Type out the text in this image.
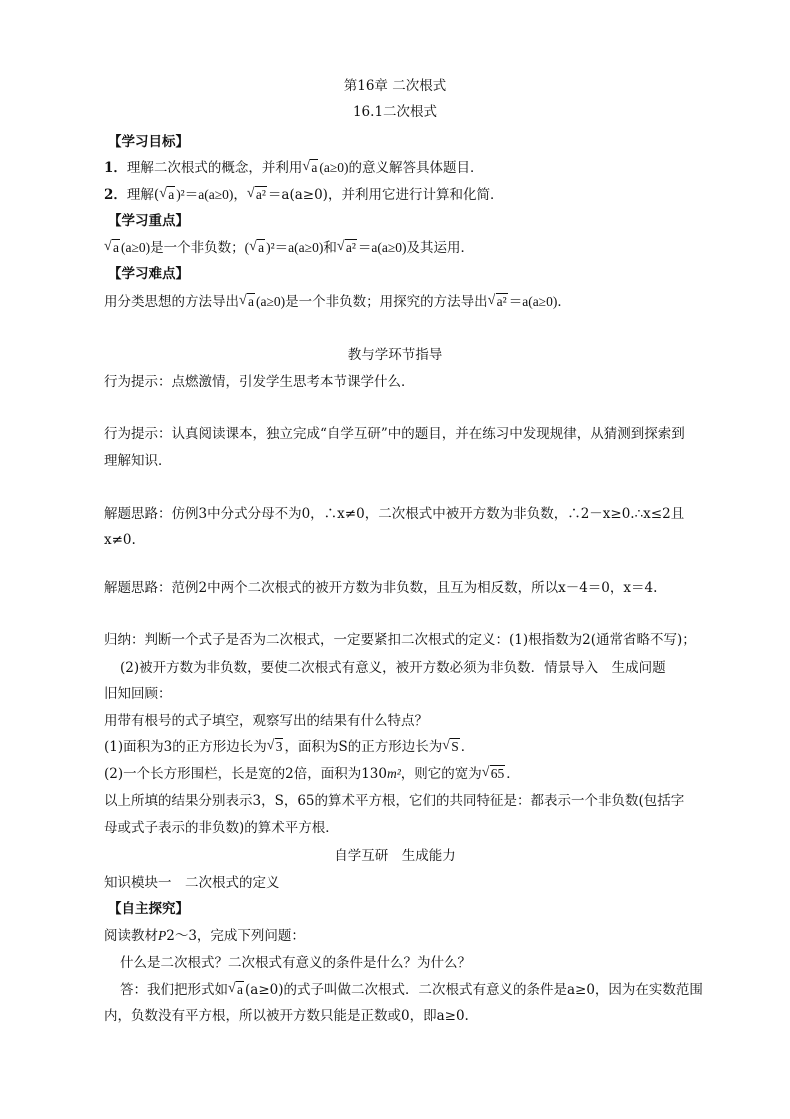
第16章 二次根式
16.1二次根式
【学习目标】
1．理解二次根式的概念，并利用 √ a (a≥0)的意义解答具体题目．
2．理解( √ a )²＝a(a≥0)， √ a² ＝a(a≥0)，并利用它进行计算和化简．
【学习重点】
√ a (a≥0)是一个非负数；( √ a )²＝a(a≥0)和 √ a² ＝a(a≥0)及其运用．
【学习难点】
用分类思想的方法导出 √ a (a≥0)是一个非负数；用探究的方法导出 √ a² ＝a(a≥0)．
教与学环节指导
行为提示：点燃激情，引发学生思考本节课学什么．
行为提示：认真阅读课本，独立完成“自学互研”中的题目，并在练习中发现规律，从猜测到探索到
理解知识．
解题思路：仿例3中分式分母不为0，∴x≠0，二次根式中被开方数为非负数，∴2－x≥0.∴x≤2且
x≠0.
解题思路：范例2中两个二次根式的被开方数为非负数，且互为相反数，所以x－4＝0，x＝4.
归纳：判断一个式子是否为二次根式，一定要紧扣二次根式的定义：(1)根指数为2(通常省略不写)；
(2)被开方数为非负数，要使二次根式有意义，被开方数必须为非负数．情景导入　生成问题
旧知回顾：
用带有根号的式子填空，观察写出的结果有什么特点？
(1)面积为3的正方形边长为 √ 3 ，面积为S的正方形边长为 √ S ．
(2)一个长方形围栏，长是宽的2倍，面积为130m²，则它的宽为 √ 65 ．
以上所填的结果分别表示3，S，65的算术平方根，它们的共同特征是：都表示一个非负数(包括字
母或式子表示的非负数)的算术平方根．
自学互研　生成能力
知识模块一　二次根式的定义
【自主探究】
阅读教材P2～3，完成下列问题：
什么是二次根式？二次根式有意义的条件是什么？为什么？
答：我们把形式如 √ a (a≥0)的式子叫做二次根式．二次根式有意义的条件是a≥0，因为在实数范围
内，负数没有平方根，所以被开方数只能是正数或0，即a≥0.
